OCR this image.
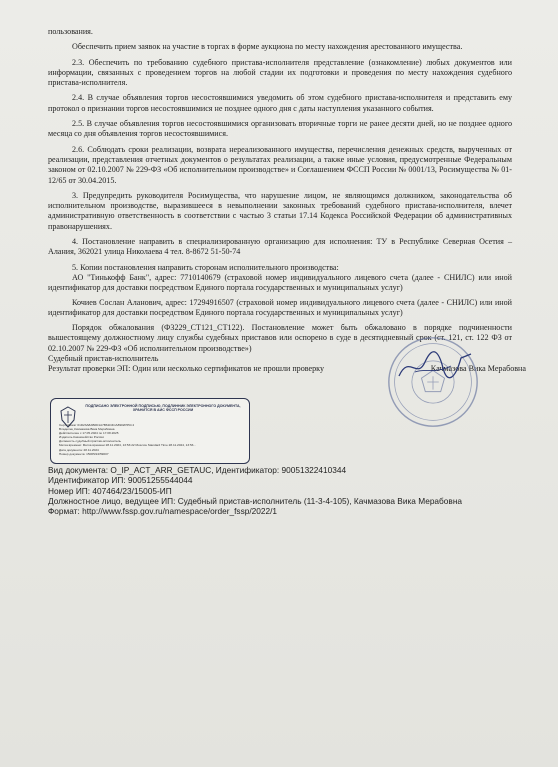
пользования.

Обеспечить прием заявок на участие в торгах в форме аукциона по месту нахождения арестованного имущества.

2.3. Обеспечить по требованию судебного пристава-исполнителя представление (ознакомление) любых документов или информации, связанных с проведением торгов на любой стадии их подготовки и проведения по месту нахождения судебного пристава-исполнителя.

2.4. В случае объявления торгов несостоявшимися уведомить об этом судебного пристава-исполнителя и представить ему протокол о признании торгов несостоявшимися не позднее одного дня с даты наступления указанного события.

2.5. В случае объявления торгов несостоявшимися организовать вторичные торги не ранее десяти дней, но не позднее одного месяца со дня объявления торгов несостоявшимися.

2.6. Соблюдать сроки реализации, возврата нереализованного имущества, перечисления денежных средств, вырученных от реализации, представления отчетных документов о результатах реализации, а также иные условия, предусмотренные Федеральным законом от 02.10.2007 № 229-ФЗ «Об исполнительном производстве» и Соглашением ФССП России № 0001/13, Росимущества № 01-12/65 от 30.04.2015.

3. Предупредить руководителя Росимущества, что нарушение лицом, не являющимся должником, законодательства об исполнительном производстве, выразившееся в невыполнении законных требований судебного пристава-исполнителя, влечет административную ответственность в соответствии с частью 3 статьи 17.14 Кодекса Российской Федерации об административных правонарушениях.

4. Постановление направить в специализированную организацию для исполнения: ТУ в Республике Северная Осетия – Алания, 362021 улица Николаева 4 тел. 8-8672 51-50-74

5. Копии постановления направить сторонам исполнительного производства:

АО "Тинькофф Банк", адрес: 7710140679 (страховой номер индивидуального лицевого счета (далее - СНИЛС) или иной идентификатор для доставки посредством Единого портала государственных и муниципальных услуг)

Кочиев Сослан Аланович, адрес: 17294916507 (страховой номер индивидуального лицевого счета (далее - СНИЛС) или иной идентификатор для доставки посредством Единого портала государственных и муниципальных услуг)

Порядок обжалования (Ф3229_СТ121_СТ122). Постановление может быть обжаловано в порядке подчиненности вышестоящему должностному лицу службы судебных приставов или оспорено в суде в десятидневный срок (ст. 121, ст. 122 ФЗ от 02.10.2007 № 229-ФЗ «Об исполнительном производстве»)

Судебный пристав-исполнитель
Результат проверки ЭП: Один или несколько сертификатов не прошли проверку	Качмазова Вика Мерабовна
ПОДПИСАНО ЭЛЕКТРОННОЙ ПОДПИСЬЮ, ПОДЛИННИК ЭЛЕКТРОННОГО ДОКУМЕНТА, ХРАНИТСЯ В АИС ФССП РОССИИ
Сертификат 01D23A8AB0D1A7B61D4CA8902F554 4
Владелец Качмазова Вика Мерабовна
Действителен с 17.05.2024 по 17.08.2025
Издатель Казначейство России
Должность судебный пристав-исполнитель
Метка времени: Метка времени 28.11.2024, 13:53:22 Moscow Standard Time 28.11.2024, 13:53...
Дата документа: 28.11.2024
Номер документа: 15005/24/59007
Вид документа: O_IP_ACT_ARR_GETAUC, Идентификатор: 90051322410344
Идентификатор ИП: 90051255544044
Номер ИП: 407464/23/15005-ИП
Должностное лицо, ведущее ИП: Судебный пристав-исполнитель (11-3-4-105), Качмазова Вика Мерабовна
Формат: http://www.fssp.gov.ru/namespace/order_fssp/2022/1
